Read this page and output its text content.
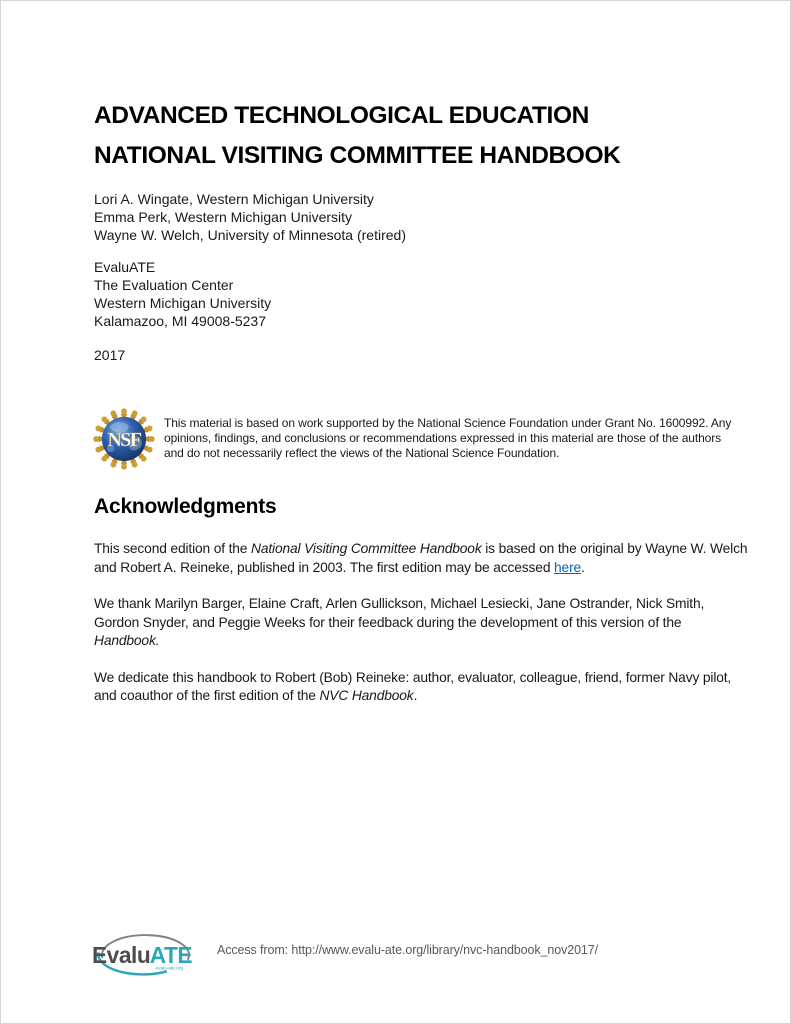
ADVANCED TECHNOLOGICAL EDUCATION
NATIONAL VISITING COMMITTEE HANDBOOK
Lori A. Wingate, Western Michigan University
Emma Perk, Western Michigan University
Wayne W. Welch, University of Minnesota (retired)
EvaluATE
The Evaluation Center
Western Michigan University
Kalamazoo, MI 49008-5237
2017
NSF

This material is based on work supported by the National Science Foundation under Grant No. 1600992. Any opinions, findings, and conclusions or recommendations expressed in this material are those of the authors and do not necessarily reflect the views of the National Science Foundation.

Acknowledgments

This second edition of the National Visiting Committee Handbook is based on the original by Wayne W. Welch and Robert A. Reineke, published in 2003. The first edition may be accessed here.

We thank Marilyn Barger, Elaine Craft, Arlen Gullickson, Michael Lesiecki, Jane Ostrander, Nick Smith, Gordon Snyder, and Peggie Weeks for their feedback during the development of this version of the Handbook.

We dedicate this handbook to Robert (Bob) Reineke: author, evaluator, colleague, friend, former Navy pilot, and coauthor of the first edition of the NVC Handbook.

Evalu ATE
evalu-ate.org
Access from: http://www.evalu-ate.org/library/nvc-handbook_nov2017/
